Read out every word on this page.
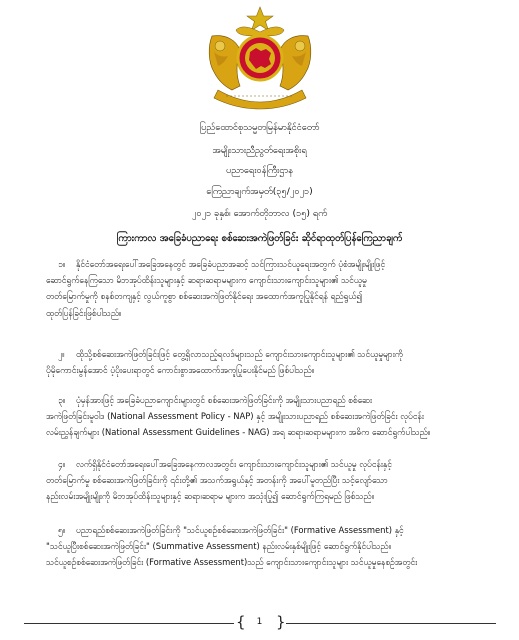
ပြည်ထောင်စုသမ္မတမြန်မာနိုင်ငံတော်
အမျိုးသားညီညွတ်ရေးအစိုးရ
ပညာရေးဝန်ကြီးဌာန
ကြေညာချက်အမှတ်(၃၅/၂၀၂၁)
၂၀၂၁ ခုနှစ်၊ အောက်တိုဘာလ (၁၅) ရက်
ကြားကာလ အခြေခံပညာရေး စစ်ဆေးအကဲဖြတ်ခြင်း ဆိုင်ရာထုတ်ပြန်ကြေညာချက်
၁။ နိုင်ငံတော်အရေးပေါ်အခြေအနေတွင် အခြေခံပညာအဆင့် သင်ကြားသင်ယူရေးအတွက် ပုံစံအမျိုးမျိုးဖြင့်
ဆောင်ရွက်နေကြသော မိဘအုပ်ထိန်းသူများနှင့် ဆရာ၊ဆရာမများက ကျောင်းသားကျောင်းသူများ၏ သင်ယူမှု
တတ်မြောက်မှုကို စနစ်တကျနှင့် လွယ်ကူစွာ စစ်ဆေးအကဲဖြတ်နိုင်ရေး အထောက်အကူပြုနိုင်ရန် ရည်ရွယ်၍
ထုတ်ပြန်ခြင်းဖြစ်ပါသည်။
၂။ ထိုသို့စစ်ဆေးအကဲဖြတ်ခြင်းဖြင့် တွေ့ရှိလာသည့်ရလဒ်များသည် ကျောင်းသားကျောင်းသူများ၏ သင်ယူမှုများကို
ပိုမိုကောင်းမွန်အောင် ပံ့ပိုးပေးရာတွင် ကောင်းစွာအထောက်အကူပြုပေးနိုင်မည် ဖြစ်ပါသည်။
၃။ ပုံမှန်အားဖြင့် အခြေခံပညာကျောင်းများတွင် စစ်ဆေးအကဲဖြတ်ခြင်းကို အမျိုးသားပညာရည် စစ်ဆေး
အကဲဖြတ်ခြင်းမူဝါဒ (National Assessment Policy - NAP) နှင့် အမျိုးသားပညာရည် စစ်ဆေးအကဲဖြတ်ခြင်း လုပ်ငန်း
လမ်းညွှန်ချက်များ (National Assessment Guidelines - NAG) အရ ဆရာ၊ဆရာမများက အဓိက ဆောင်ရွက်ပါသည်။
၄။ လက်ရှိနိုင်ငံတော်အရေးပေါ်အခြေအနေကာလအတွင်း ကျောင်းသားကျောင်းသူများ၏ သင်ယူမှု လုပ်ငန်းနှင့်
တတ်မြောက်မှု စစ်ဆေးအကဲဖြတ်ခြင်းကို ၎င်းတို့၏ အသက်အရွယ်နှင့် အတန်းကို အပေါ်မူတည်ပြီး သင့်လျော်သော
နည်းလမ်းအမျိုးမျိုးကို မိဘအုပ်ထိန်းသူများနှင့် ဆရာ၊ဆရာမ များက အသုံးပြု၍ ဆောင်ရွက်ကြရမည် ဖြစ်သည်။
၅။ ပညာရည်စစ်ဆေးအကဲဖြတ်ခြင်းကို "သင်ယူစဉ်စစ်ဆေးအကဲဖြတ်ခြင်း" (Formative Assessment) နှင့်
"သင်ယူပြီးစစ်ဆေးအကဲဖြတ်ခြင်း" (Summative Assessment) နည်းလမ်းနှစ်မျိုးဖြင့် ဆောင်ရွက်နိုင်ပါသည်။
သင်ယူစဉ်စစ်ဆေးအကဲဖြတ်ခြင်း (Formative Assessment)သည် ကျောင်းသားကျောင်းသူများ သင်ယူမှုနေစဉ်အတွင်း
{	1 }
